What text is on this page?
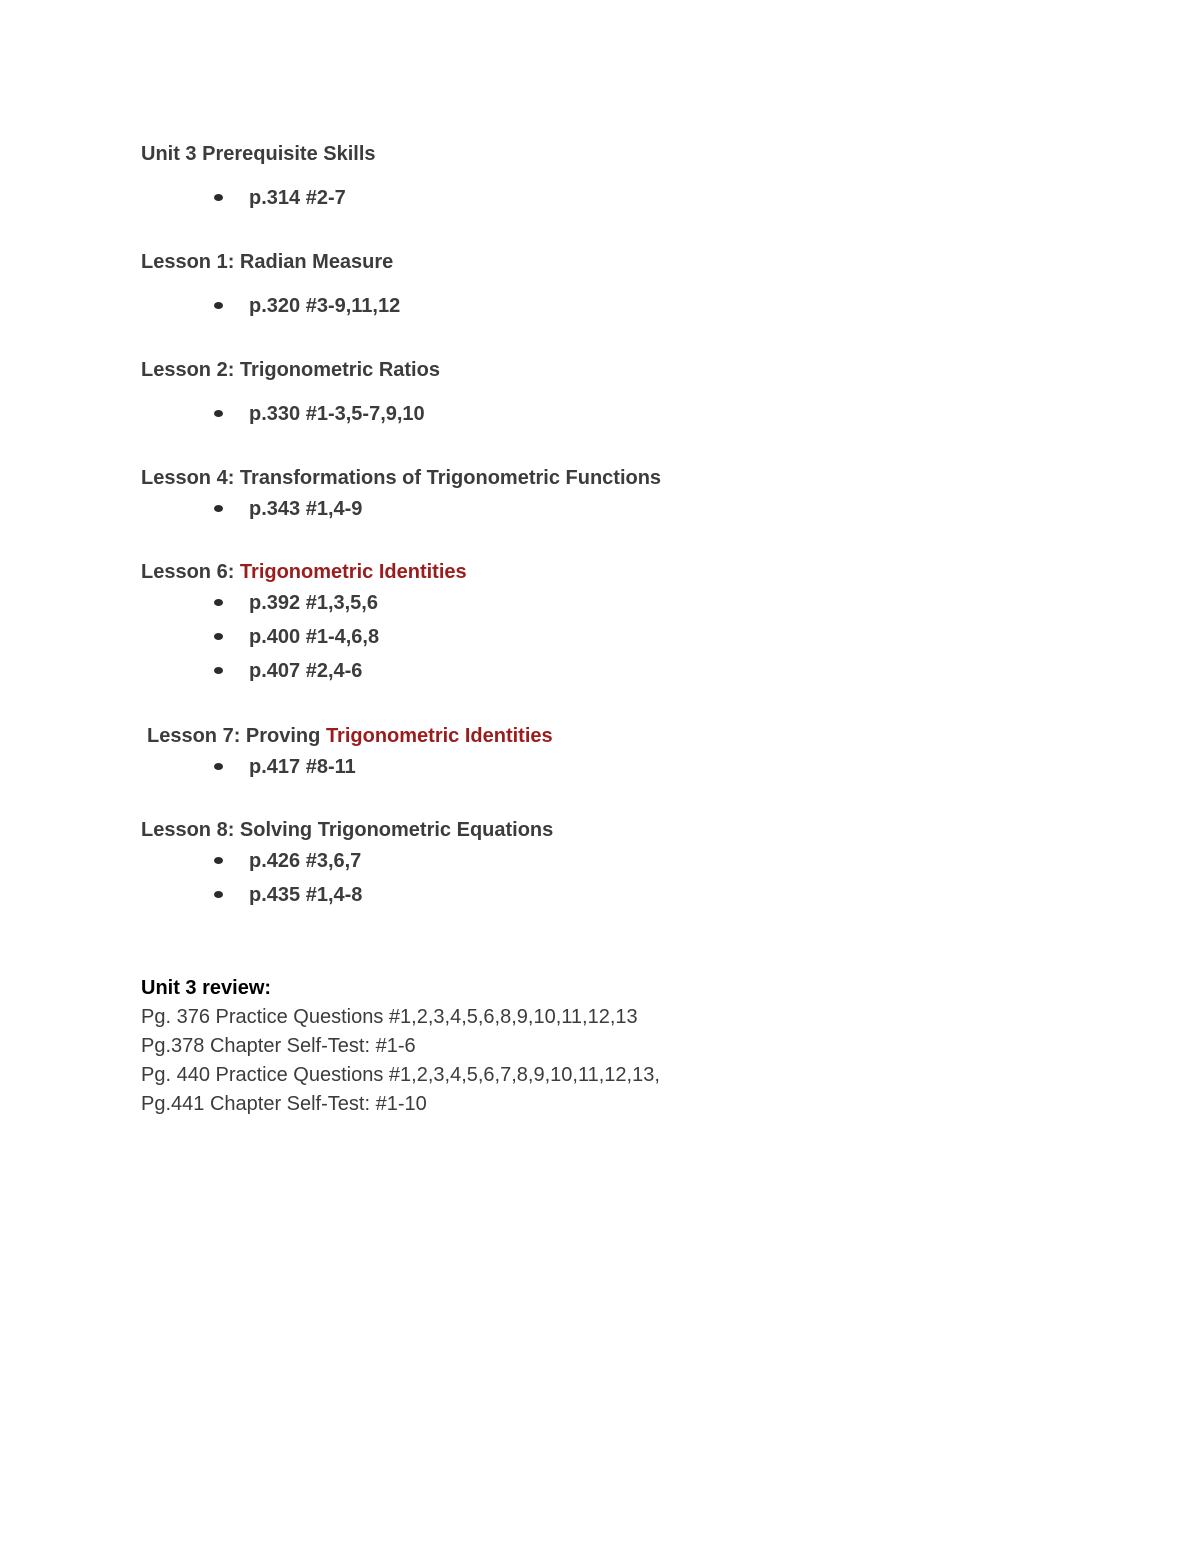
Unit 3 Prerequisite Skills

p.314 #2-7

Lesson 1: Radian Measure

p.320 #3-9,11,12

Lesson 2: Trigonometric Ratios

p.330 #1-3,5-7,9,10

Lesson 4: Transformations of Trigonometric Functions

p.343 #1,4-9

Lesson 6: Trigonometric Identities

p.392 #1,3,5,6
p.400 #1-4,6,8
p.407 #2,4-6

Lesson 7: Proving Trigonometric Identities

p.417 #8-11

Lesson 8: Solving Trigonometric Equations

p.426 #3,6,7
p.435 #1,4-8

Unit 3 review:

Pg. 376 Practice Questions #1,2,3,4,5,6,8,9,10,11,12,13

Pg.378 Chapter Self-Test: #1-6

Pg. 440 Practice Questions #1,2,3,4,5,6,7,8,9,10,11,12,13,

Pg.441 Chapter Self-Test: #1-10
